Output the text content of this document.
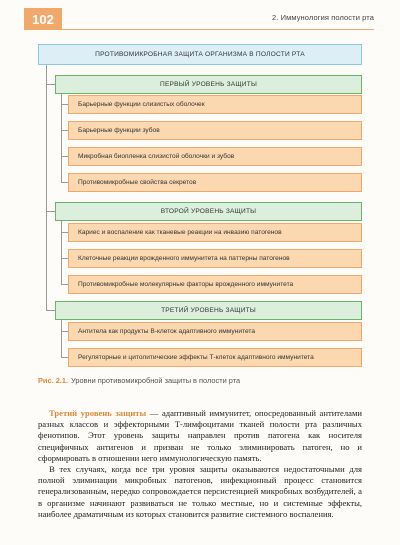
102	2. Иммунология полости рта
ПРОТИВОМИКРОБНАЯ ЗАЩИТА ОРГАНИЗМА В ПОЛОСТИ РТА
ПЕРВЫЙ УРОВЕНЬ ЗАЩИТЫ
Барьерные функции слизистых оболочек
Барьерные функции зубов
Микробная биопленка слизистой оболочки и зубов
Противомикробные свойства секретов
ВТОРОЙ УРОВЕНЬ ЗАЩИТЫ
Кариес и воспаление как тканевые реакции на инвазию патогенов
Клеточные реакции врожденного иммунитета на паттерны патогенов
Противомикробные молекулярные факторы врожденного иммунитета
ТРЕТИЙ УРОВЕНЬ ЗАЩИТЫ
Антитела как продукты В-клеток адаптивного иммунитета
Регуляторные и цитолитические эффекты Т-клеток адаптивного иммунитета
Рис. 2.1. Уровни противомикробной защиты в полости рта

Третий уровень защиты — адаптивный иммунитет, опосредованный антителами разных классов и эффекторными Т-лимфоцитами тканей полости рта различных фенотипов. Этот уровень защиты направлен против патогена как носителя специфичных антигенов и призван не только элиминировать патоген, но и сформировать в отношении него иммунологическую память.

В тех случаях, когда все три уровня защиты оказываются недостаточными для полной элиминации микробных патогенов, инфекционный процесс становится генерализованным, нередко сопровождается персистенцией микробных возбудителей, а в организме начинают развиваться не только местные, но и системные эффекты, наиболее драматичным из которых становится развитие системного воспаления.
